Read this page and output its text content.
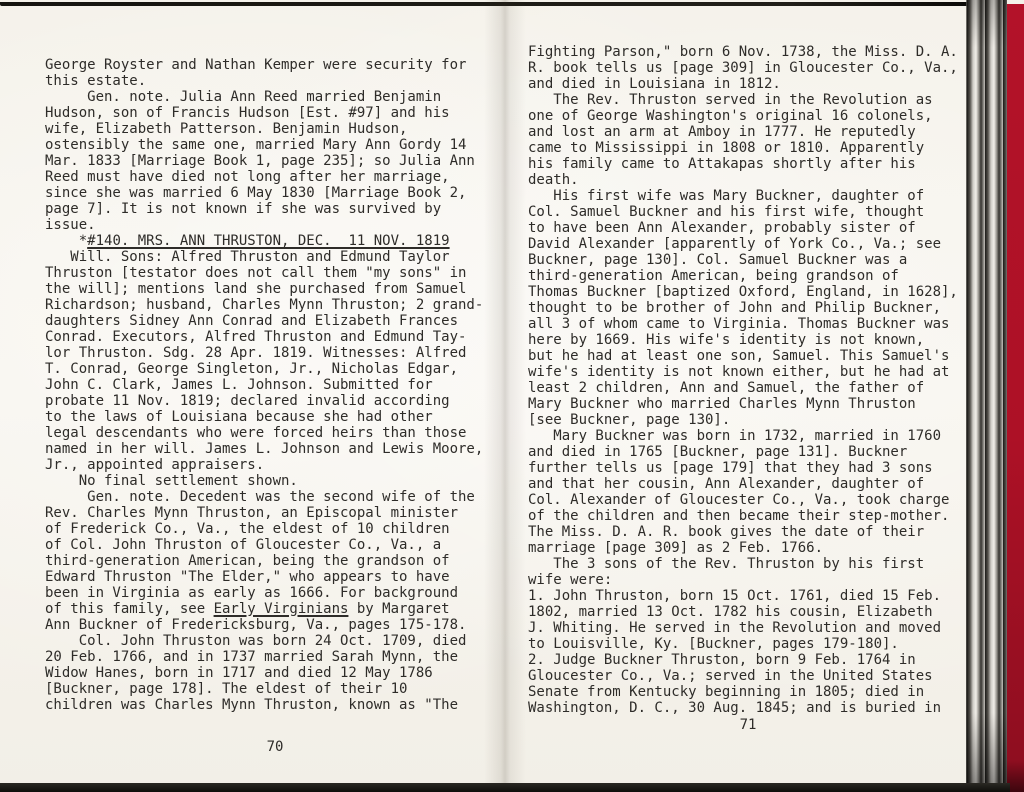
George Royster and Nathan Kemper were security for
this estate.
Gen. note. Julia Ann Reed married Benjamin
Hudson, son of Francis Hudson [Est. #97] and his
wife, Elizabeth Patterson. Benjamin Hudson,
ostensibly the same one, married Mary Ann Gordy 14
Mar. 1833 [Marriage Book 1, page 235]; so Julia Ann
Reed must have died not long after her marriage,
since she was married 6 May 1830 [Marriage Book 2,
page 7]. It is not known if she was survived by
issue.
*#140. MRS. ANN THRUSTON, DEC.  11 NOV. 1819
Will. Sons: Alfred Thruston and Edmund Taylor
Thruston [testator does not call them "my sons" in
the will]; mentions land she purchased from Samuel
Richardson; husband, Charles Mynn Thruston; 2 grand-
daughters Sidney Ann Conrad and Elizabeth Frances
Conrad. Executors, Alfred Thruston and Edmund Tay-
lor Thruston. Sdg. 28 Apr. 1819. Witnesses: Alfred
T. Conrad, George Singleton, Jr., Nicholas Edgar,
John C. Clark, James L. Johnson. Submitted for
probate 11 Nov. 1819; declared invalid according
to the laws of Louisiana because she had other
legal descendants who were forced heirs than those
named in her will. James L. Johnson and Lewis Moore,
Jr., appointed appraisers.
No final settlement shown.
Gen. note. Decedent was the second wife of the
Rev. Charles Mynn Thruston, an Episcopal minister
of Frederick Co., Va., the eldest of 10 children
of Col. John Thruston of Gloucester Co., Va., a
third-generation American, being the grandson of
Edward Thruston "The Elder," who appears to have
been in Virginia as early as 1666. For background
of this family, see Early Virginians by Margaret
Ann Buckner of Fredericksburg, Va., pages 175-178.
Col. John Thruston was born 24 Oct. 1709, died
20 Feb. 1766, and in 1737 married Sarah Mynn, the
Widow Hanes, born in 1717 and died 12 May 1786
[Buckner, page 178]. The eldest of their 10
children was Charles Mynn Thruston, known as "The
70
Fighting Parson," born 6 Nov. 1738, the Miss. D. A.
R. book tells us [page 309] in Gloucester Co., Va.,
and died in Louisiana in 1812.
The Rev. Thruston served in the Revolution as
one of George Washington's original 16 colonels,
and lost an arm at Amboy in 1777. He reputedly
came to Mississippi in 1808 or 1810. Apparently
his family came to Attakapas shortly after his
death.
His first wife was Mary Buckner, daughter of
Col. Samuel Buckner and his first wife, thought
to have been Ann Alexander, probably sister of
David Alexander [apparently of York Co., Va.; see
Buckner, page 130]. Col. Samuel Buckner was a
third-generation American, being grandson of
Thomas Buckner [baptized Oxford, England, in 1628],
thought to be brother of John and Philip Buckner,
all 3 of whom came to Virginia. Thomas Buckner was
here by 1669. His wife's identity is not known,
but he had at least one son, Samuel. This Samuel's
wife's identity is not known either, but he had at
least 2 children, Ann and Samuel, the father of
Mary Buckner who married Charles Mynn Thruston
[see Buckner, page 130].
Mary Buckner was born in 1732, married in 1760
and died in 1765 [Buckner, page 131]. Buckner
further tells us [page 179] that they had 3 sons
and that her cousin, Ann Alexander, daughter of
Col. Alexander of Gloucester Co., Va., took charge
of the children and then became their step-mother.
The Miss. D. A. R. book gives the date of their
marriage [page 309] as 2 Feb. 1766.
The 3 sons of the Rev. Thruston by his first
wife were:
1. John Thruston, born 15 Oct. 1761, died 15 Feb.
1802, married 13 Oct. 1782 his cousin, Elizabeth
J. Whiting. He served in the Revolution and moved
to Louisville, Ky. [Buckner, pages 179-180].
2. Judge Buckner Thruston, born 9 Feb. 1764 in
Gloucester Co., Va.; served in the United States
Senate from Kentucky beginning in 1805; died in
Washington, D. C., 30 Aug. 1845; and is buried in
71
